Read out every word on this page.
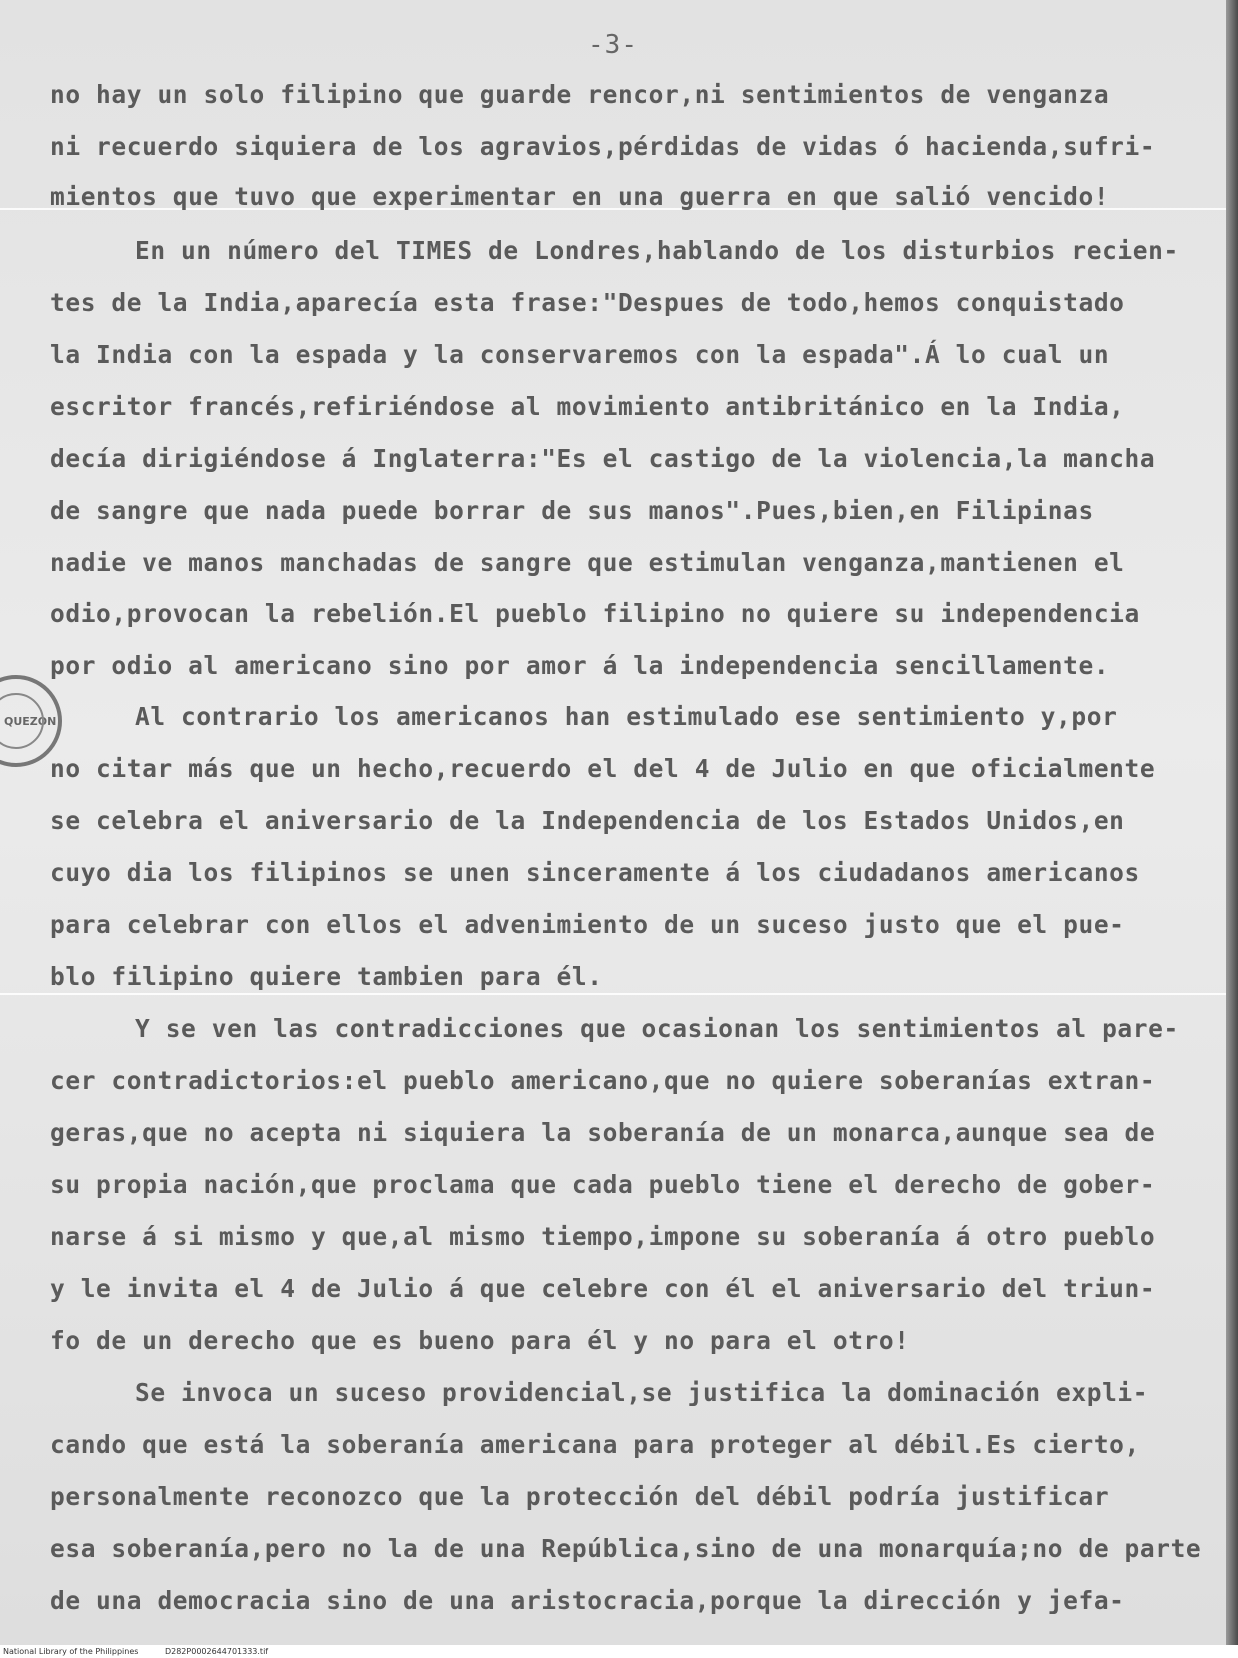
-3-
QUEZON
no hay un solo filipino que guarde rencor,ni sentimientos de venganza
ni recuerdo siquiera de los agravios,pérdidas de vidas ó hacienda,sufri-
mientos que tuvo que experimentar en una guerra en que salió vencido!
En un número del TIMES de Londres,hablando de los disturbios recien-
tes de la India,aparecía esta frase:"Despues de todo,hemos conquistado
la India con la espada y la conservaremos con la espada".Á lo cual un
escritor francés,refiriéndose al movimiento antibritánico en la India,
decía dirigiéndose á Inglaterra:"Es el castigo de la violencia,la mancha
de sangre que nada puede borrar de sus manos".Pues,bien,en Filipinas
nadie ve manos manchadas de sangre que estimulan venganza,mantienen el
odio,provocan la rebelión.El pueblo filipino no quiere su independencia
por odio al americano sino por amor á la independencia sencillamente.
Al contrario los americanos han estimulado ese sentimiento y,por
no citar más que un hecho,recuerdo el del 4 de Julio en que oficialmente
se celebra el aniversario de la Independencia de los Estados Unidos,en
cuyo dia los filipinos se unen sinceramente á los ciudadanos americanos
para celebrar con ellos el advenimiento de un suceso justo que el pue-
blo filipino quiere tambien para él.
Y se ven las contradicciones que ocasionan los sentimientos al pare-
cer contradictorios:el pueblo americano,que no quiere soberanías extran-
geras,que no acepta ni siquiera la soberanía de un monarca,aunque sea de
su propia nación,que proclama que cada pueblo tiene el derecho de gober-
narse á si mismo y que,al mismo tiempo,impone su soberanía á otro pueblo
y le invita el 4 de Julio á que celebre con él el aniversario del triun-
fo de un derecho que es bueno para él y no para el otro!
Se invoca un suceso providencial,se justifica la dominación expli-
cando que está la soberanía americana para proteger al débil.Es cierto,
personalmente reconozco que la protección del débil podría justificar
esa soberanía,pero no la de una República,sino de una monarquía;no de parte
de una democracia sino de una aristocracia,porque la dirección y jefa-
National Library of the Philippines	D282P0002644701333.tif
